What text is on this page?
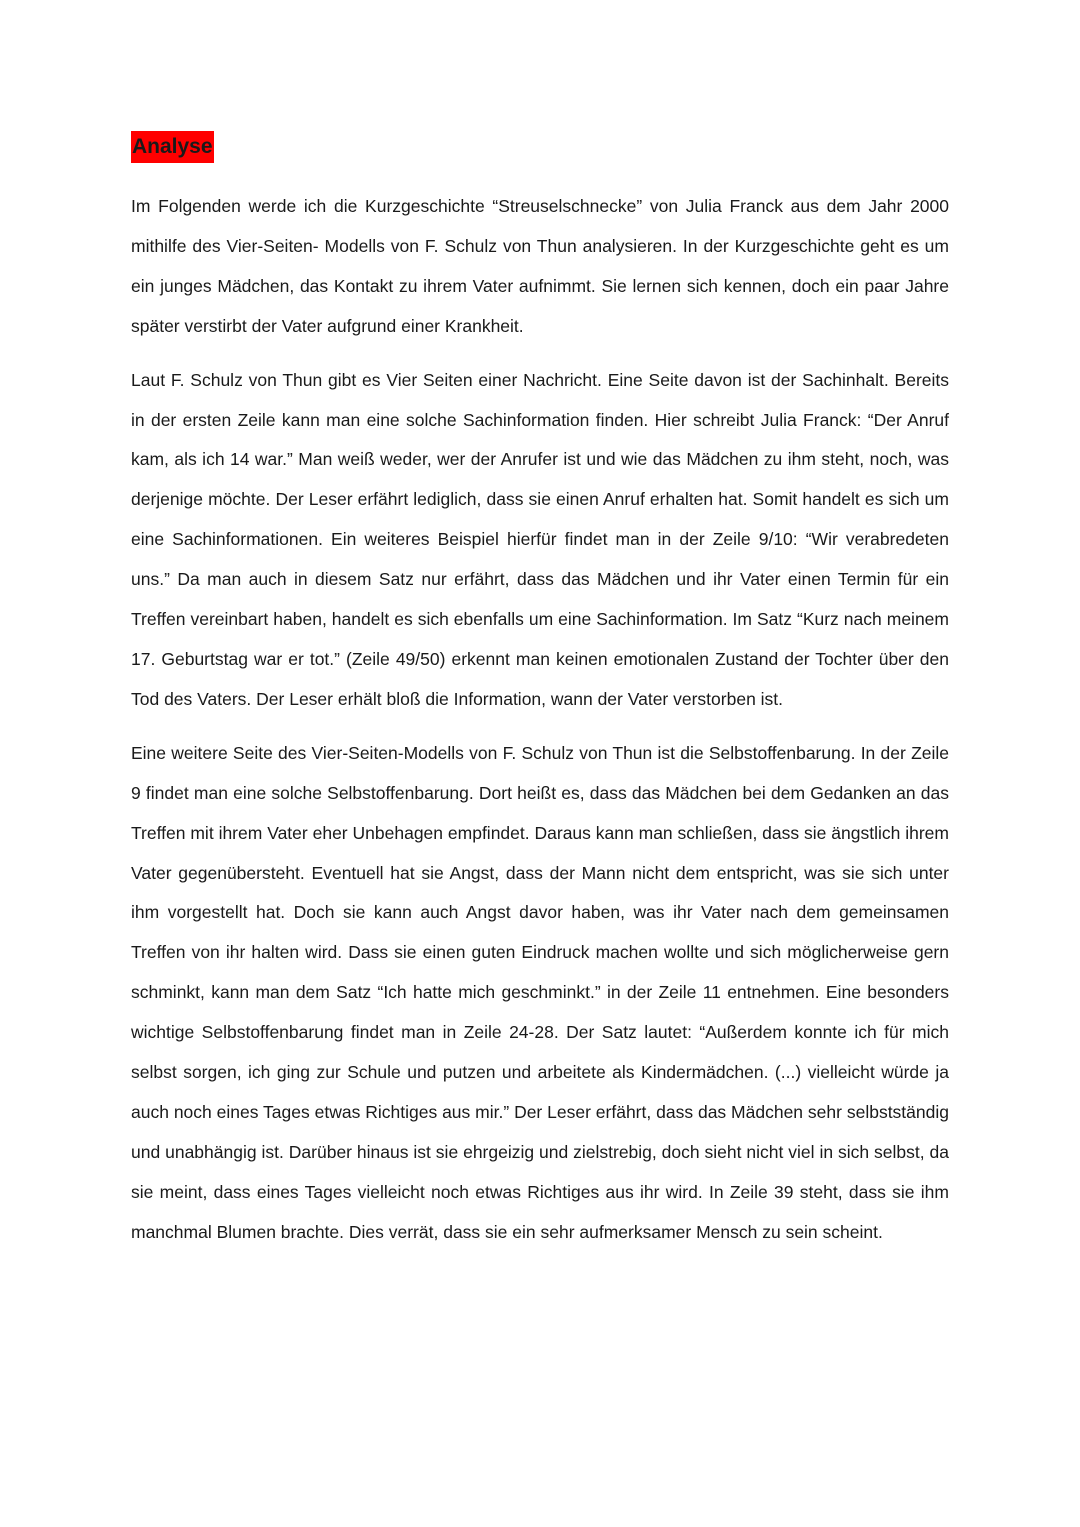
Analyse

Im Folgenden werde ich die Kurzgeschichte “Streuselschnecke” von Julia Franck aus dem Jahr 2000 mithilfe des Vier-Seiten- Modells von F. Schulz von Thun analysieren. In der Kurzgeschichte geht es um ein junges Mädchen, das Kontakt zu ihrem Vater aufnimmt. Sie lernen sich kennen, doch ein paar Jahre später verstirbt der Vater aufgrund einer Krankheit.

Laut F. Schulz von Thun gibt es Vier Seiten einer Nachricht. Eine Seite davon ist der Sachinhalt. Bereits in der ersten Zeile kann man eine solche Sachinformation finden. Hier schreibt Julia Franck: “Der Anruf kam, als ich 14 war.” Man weiß weder, wer der Anrufer ist und wie das Mädchen zu ihm steht, noch, was derjenige möchte. Der Leser erfährt lediglich, dass sie einen Anruf erhalten hat. Somit handelt es sich um eine Sachinformationen. Ein weiteres Beispiel hierfür findet man in der Zeile 9/10: “Wir verabredeten uns.” Da man auch in diesem Satz nur erfährt, dass das Mädchen und ihr Vater einen Termin für ein Treffen vereinbart haben, handelt es sich ebenfalls um eine Sachinformation. Im Satz “Kurz nach meinem 17. Geburtstag war er tot.” (Zeile 49/50) erkennt man keinen emotionalen Zustand der Tochter über den Tod des Vaters. Der Leser erhält bloß die Information, wann der Vater verstorben ist.

Eine weitere Seite des Vier-Seiten-Modells von F. Schulz von Thun ist die Selbstoffenbarung. In der Zeile 9 findet man eine solche Selbstoffenbarung. Dort heißt es, dass das Mädchen bei dem Gedanken an das Treffen mit ihrem Vater eher Unbehagen empfindet. Daraus kann man schließen, dass sie ängstlich ihrem Vater gegenübersteht. Eventuell hat sie Angst, dass der Mann nicht dem entspricht, was sie sich unter ihm vorgestellt hat. Doch sie kann auch Angst davor haben, was ihr Vater nach dem gemeinsamen Treffen von ihr halten wird. Dass sie einen guten Eindruck machen wollte und sich möglicherweise gern schminkt, kann man dem Satz “Ich hatte mich geschminkt.” in der Zeile 11 entnehmen. Eine besonders wichtige Selbstoffenbarung findet man in Zeile 24-28. Der Satz lautet: “Außerdem konnte ich für mich selbst sorgen, ich ging zur Schule und putzen und arbeitete als Kindermädchen. (...) vielleicht würde ja auch noch eines Tages etwas Richtiges aus mir.” Der Leser erfährt, dass das Mädchen sehr selbstständig und unabhängig ist. Darüber hinaus ist sie ehrgeizig und zielstrebig, doch sieht nicht viel in sich selbst, da sie meint, dass eines Tages vielleicht noch etwas Richtiges aus ihr wird. In Zeile 39 steht, dass sie ihm manchmal Blumen brachte. Dies verrät, dass sie ein sehr aufmerksamer Mensch zu sein scheint.
